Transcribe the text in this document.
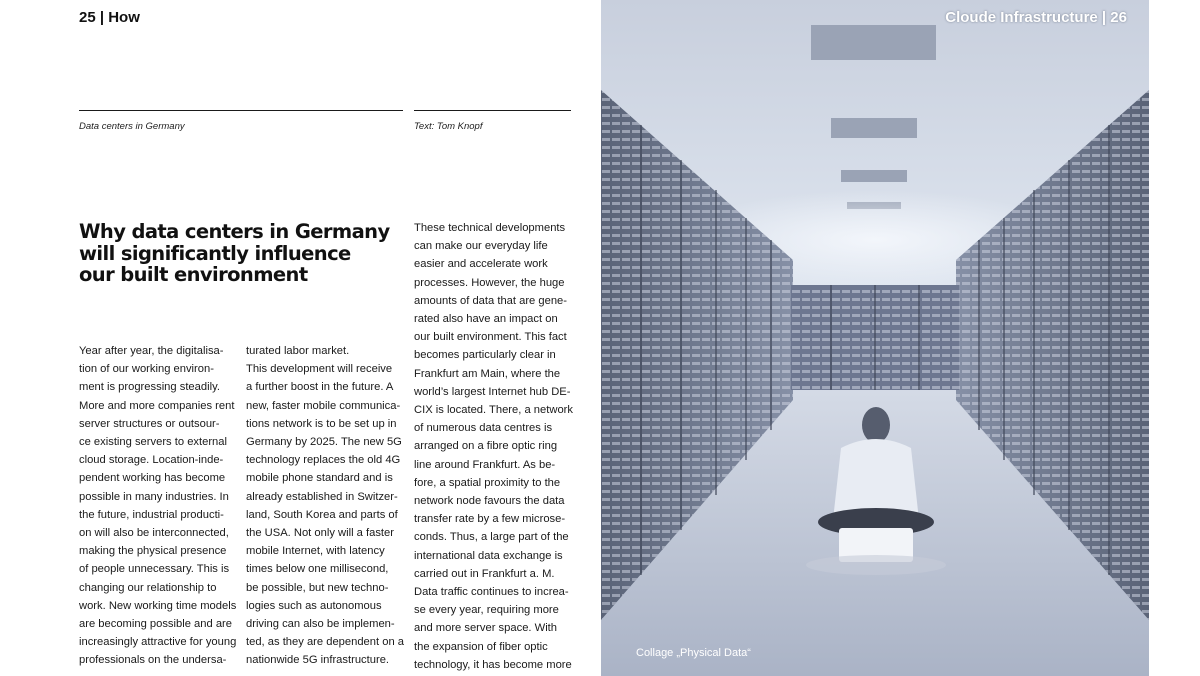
25 | How
Data centers in Germany	Text: Tom Knopf
Why data centers in Germany
will significantly influence
our built environment
Year after year, the digitalisa-
tion of our working environ-
ment is progressing steadily.
More and more companies rent
server structures or outsour-
ce existing servers to external
cloud storage. Location-inde-
pendent working has become
possible in many industries. In
the future, industrial producti-
on will also be interconnected,
making the physical presence
of people unnecessary. This is
changing our relationship to
work. New working time models
are becoming possible and are
increasingly attractive for young
professionals on the undersa-
turated labor market.
This development will receive
a further boost in the future. A
new, faster mobile communica-
tions network is to be set up in
Germany by 2025. The new 5G
technology replaces the old 4G
mobile phone standard and is
already established in Switzer-
land, South Korea and parts of
the USA. Not only will a faster
mobile Internet, with latency
times below one millisecond,
be possible, but new techno-
logies such as autonomous
driving can also be implemen-
ted, as they are dependent on a
nationwide 5G infrastructure.
These technical developments
can make our everyday life
easier and accelerate work
processes. However, the huge
amounts of data that are gene-
rated also have an impact on
our built environment. This fact
becomes particularly clear in
Frankfurt am Main, where the
world’s largest Internet hub DE-
CIX is located. There, a network
of numerous data centres is
arranged on a fibre optic ring
line around Frankfurt. As be-
fore, a spatial proximity to the
network node favours the data
transfer rate by a few microse-
conds. Thus, a large part of the
international data exchange is
carried out in Frankfurt a. M.
Data traffic continues to increa-
se every year, requiring more
and more server space. With
the expansion of fiber optic
technology, it has become more
Cloude Infrastructure | 26
Collage „Physical Data“
